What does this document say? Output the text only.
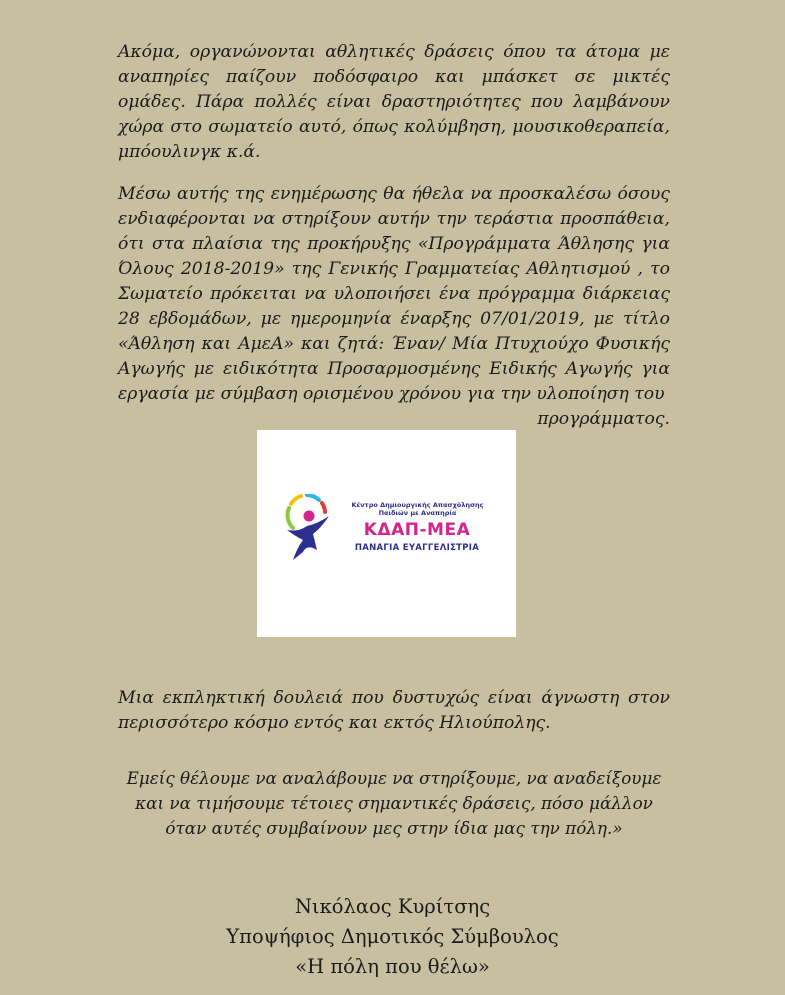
Ακόμα, οργανώνονται αθλητικές δράσεις όπου τα άτομα με αναπηρίες παίζουν ποδόσφαιρο και μπάσκετ σε μικτές ομάδες. Πάρα πολλές είναι δραστηριότητες που λαμβάνουν χώρα στο σωματείο αυτό, όπως κολύμβηση, μουσικοθεραπεία, μπόουλινγκ κ.ά.

Μέσω αυτής της ενημέρωσης θα ήθελα να προσκαλέσω όσους ενδιαφέρονται να στηρίξουν αυτήν την τεράστια προσπάθεια, ότι στα πλαίσια της προκήρυξης «Προγράμματα Άθλησης για Όλους 2018-2019» της Γενικής Γραμματείας Αθλητισμού , το Σωματείο πρόκειται να υλοποιήσει ένα πρόγραμμα διάρκειας 28 εβδομάδων, με ημερομηνία έναρξης 07/01/2019, με τίτλο «Άθληση και ΑμεΑ» και ζητά: Έναν/ Μία Πτυχιούχο Φυσικής Αγωγής με ειδικότητα Προσαρμοσμένης Ειδικής Αγωγής για εργασία με σύμβαση ορισμένου χρόνου για την υλοποίηση του

προγράμματος.

Κέντρο Δημιουργικής Απασχόλησης
Παιδιών με Αναπηρία
ΚΔΑΠ-ΜΕΑ
ΠΑΝΑΓΙΑ ΕΥΑΓΓΕΛΙΣΤΡΙΑ

Μια εκπληκτική δουλειά που δυστυχώς είναι άγνωστη στον περισσότερο κόσμο εντός και εκτός Ηλιούπολης.

Εμείς θέλουμε να αναλάβουμε να στηρίξουμε, να αναδείξουμε και να τιμήσουμε τέτοιες σημαντικές δράσεις, πόσο μάλλον όταν αυτές συμβαίνουν μες στην ίδια μας την πόλη.»

Νικόλαος Κυρίτσης
Υποψήφιος Δημοτικός Σύμβουλος
«Η πόλη που θέλω»
